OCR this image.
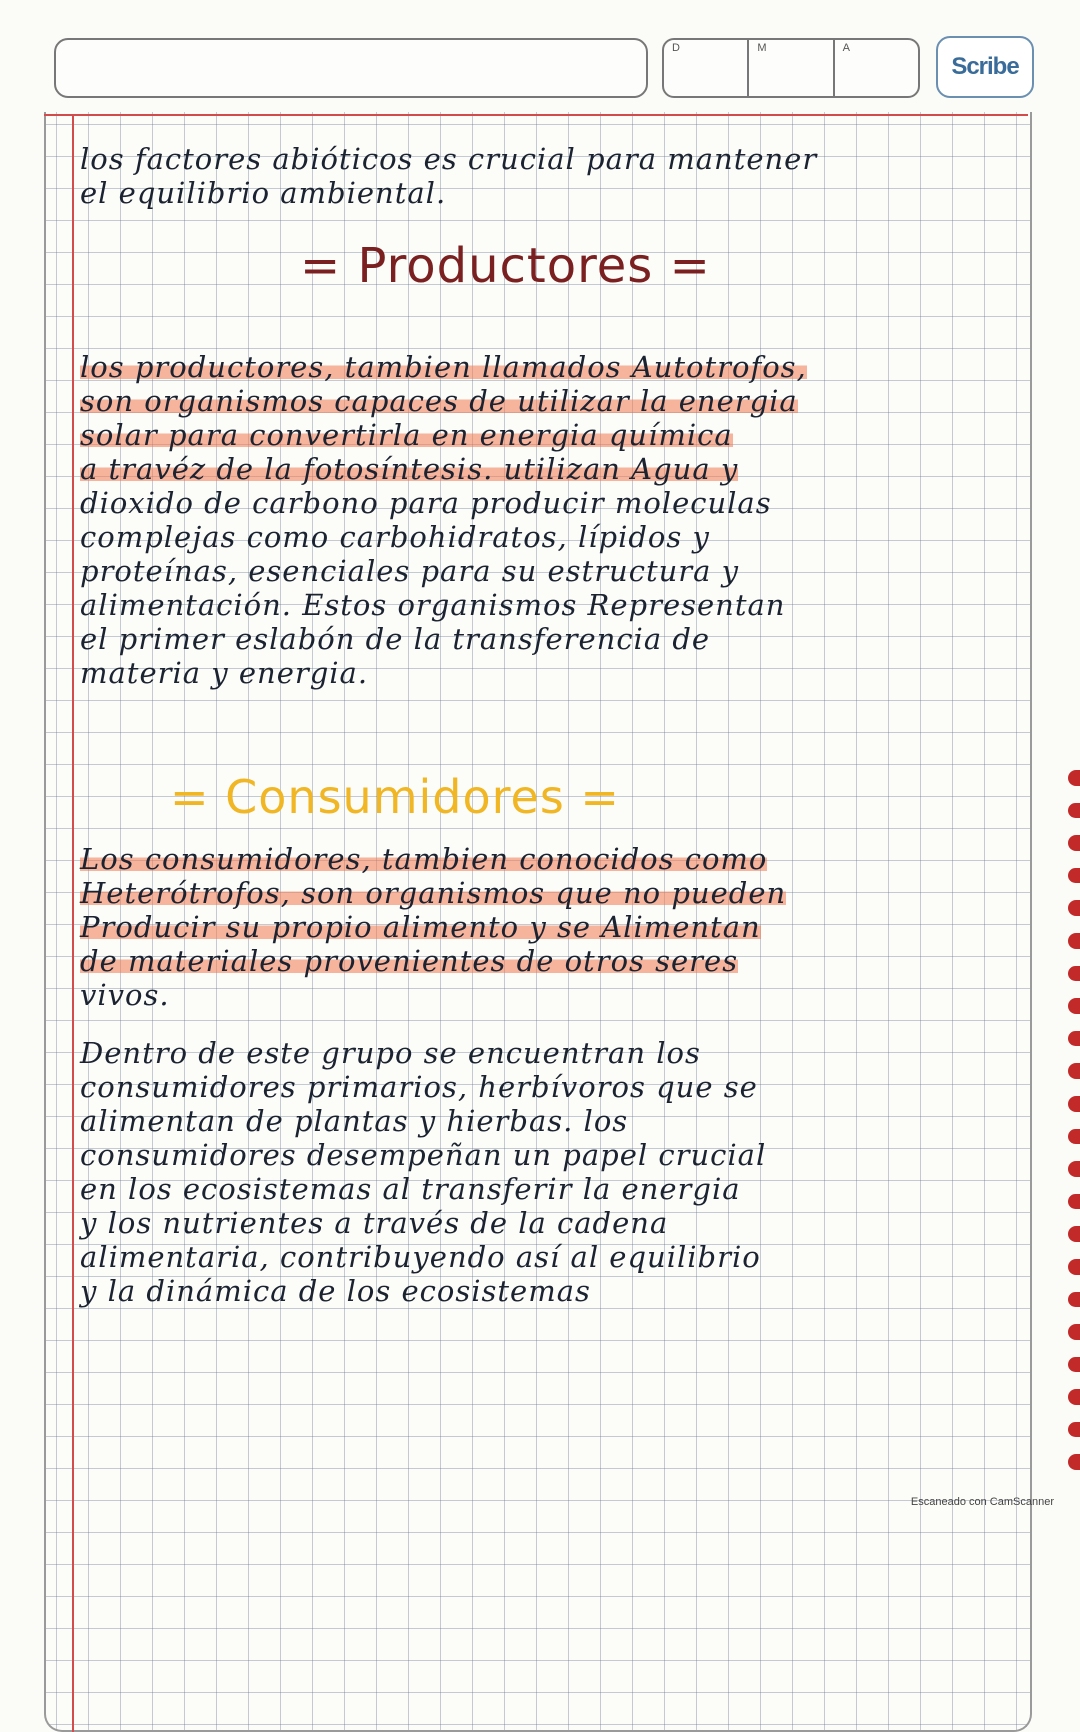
D	M	A
Scribe
los factores abióticos es crucial para mantener
el equilibrio ambiental.
= Productores =
los productores, tambien llamados Autotrofos,
son organismos capaces de utilizar la energia
solar para convertirla en energia química
a travéz de la fotosíntesis. utilizan Agua y
dioxido de carbono para producir moleculas
complejas como carbohidratos, lípidos y
proteínas, esenciales para su estructura y
alimentación. Estos organismos Representan
el primer eslabón de la transferencia de
materia y energia.
= Consumidores =
Los consumidores, tambien conocidos como
Heterótrofos, son organismos que no pueden
Producir su propio alimento y se Alimentan
de materiales provenientes de otros seres
vivos.
Dentro de este grupo se encuentran los
consumidores primarios, herbívoros que se
alimentan de plantas y hierbas. los
consumidores desempeñan un papel crucial
en los ecosistemas al transferir la energia
y los nutrientes a través de la cadena
alimentaria, contribuyendo así al equilibrio
y la dinámica de los ecosistemas
Escaneado con CamScanner
